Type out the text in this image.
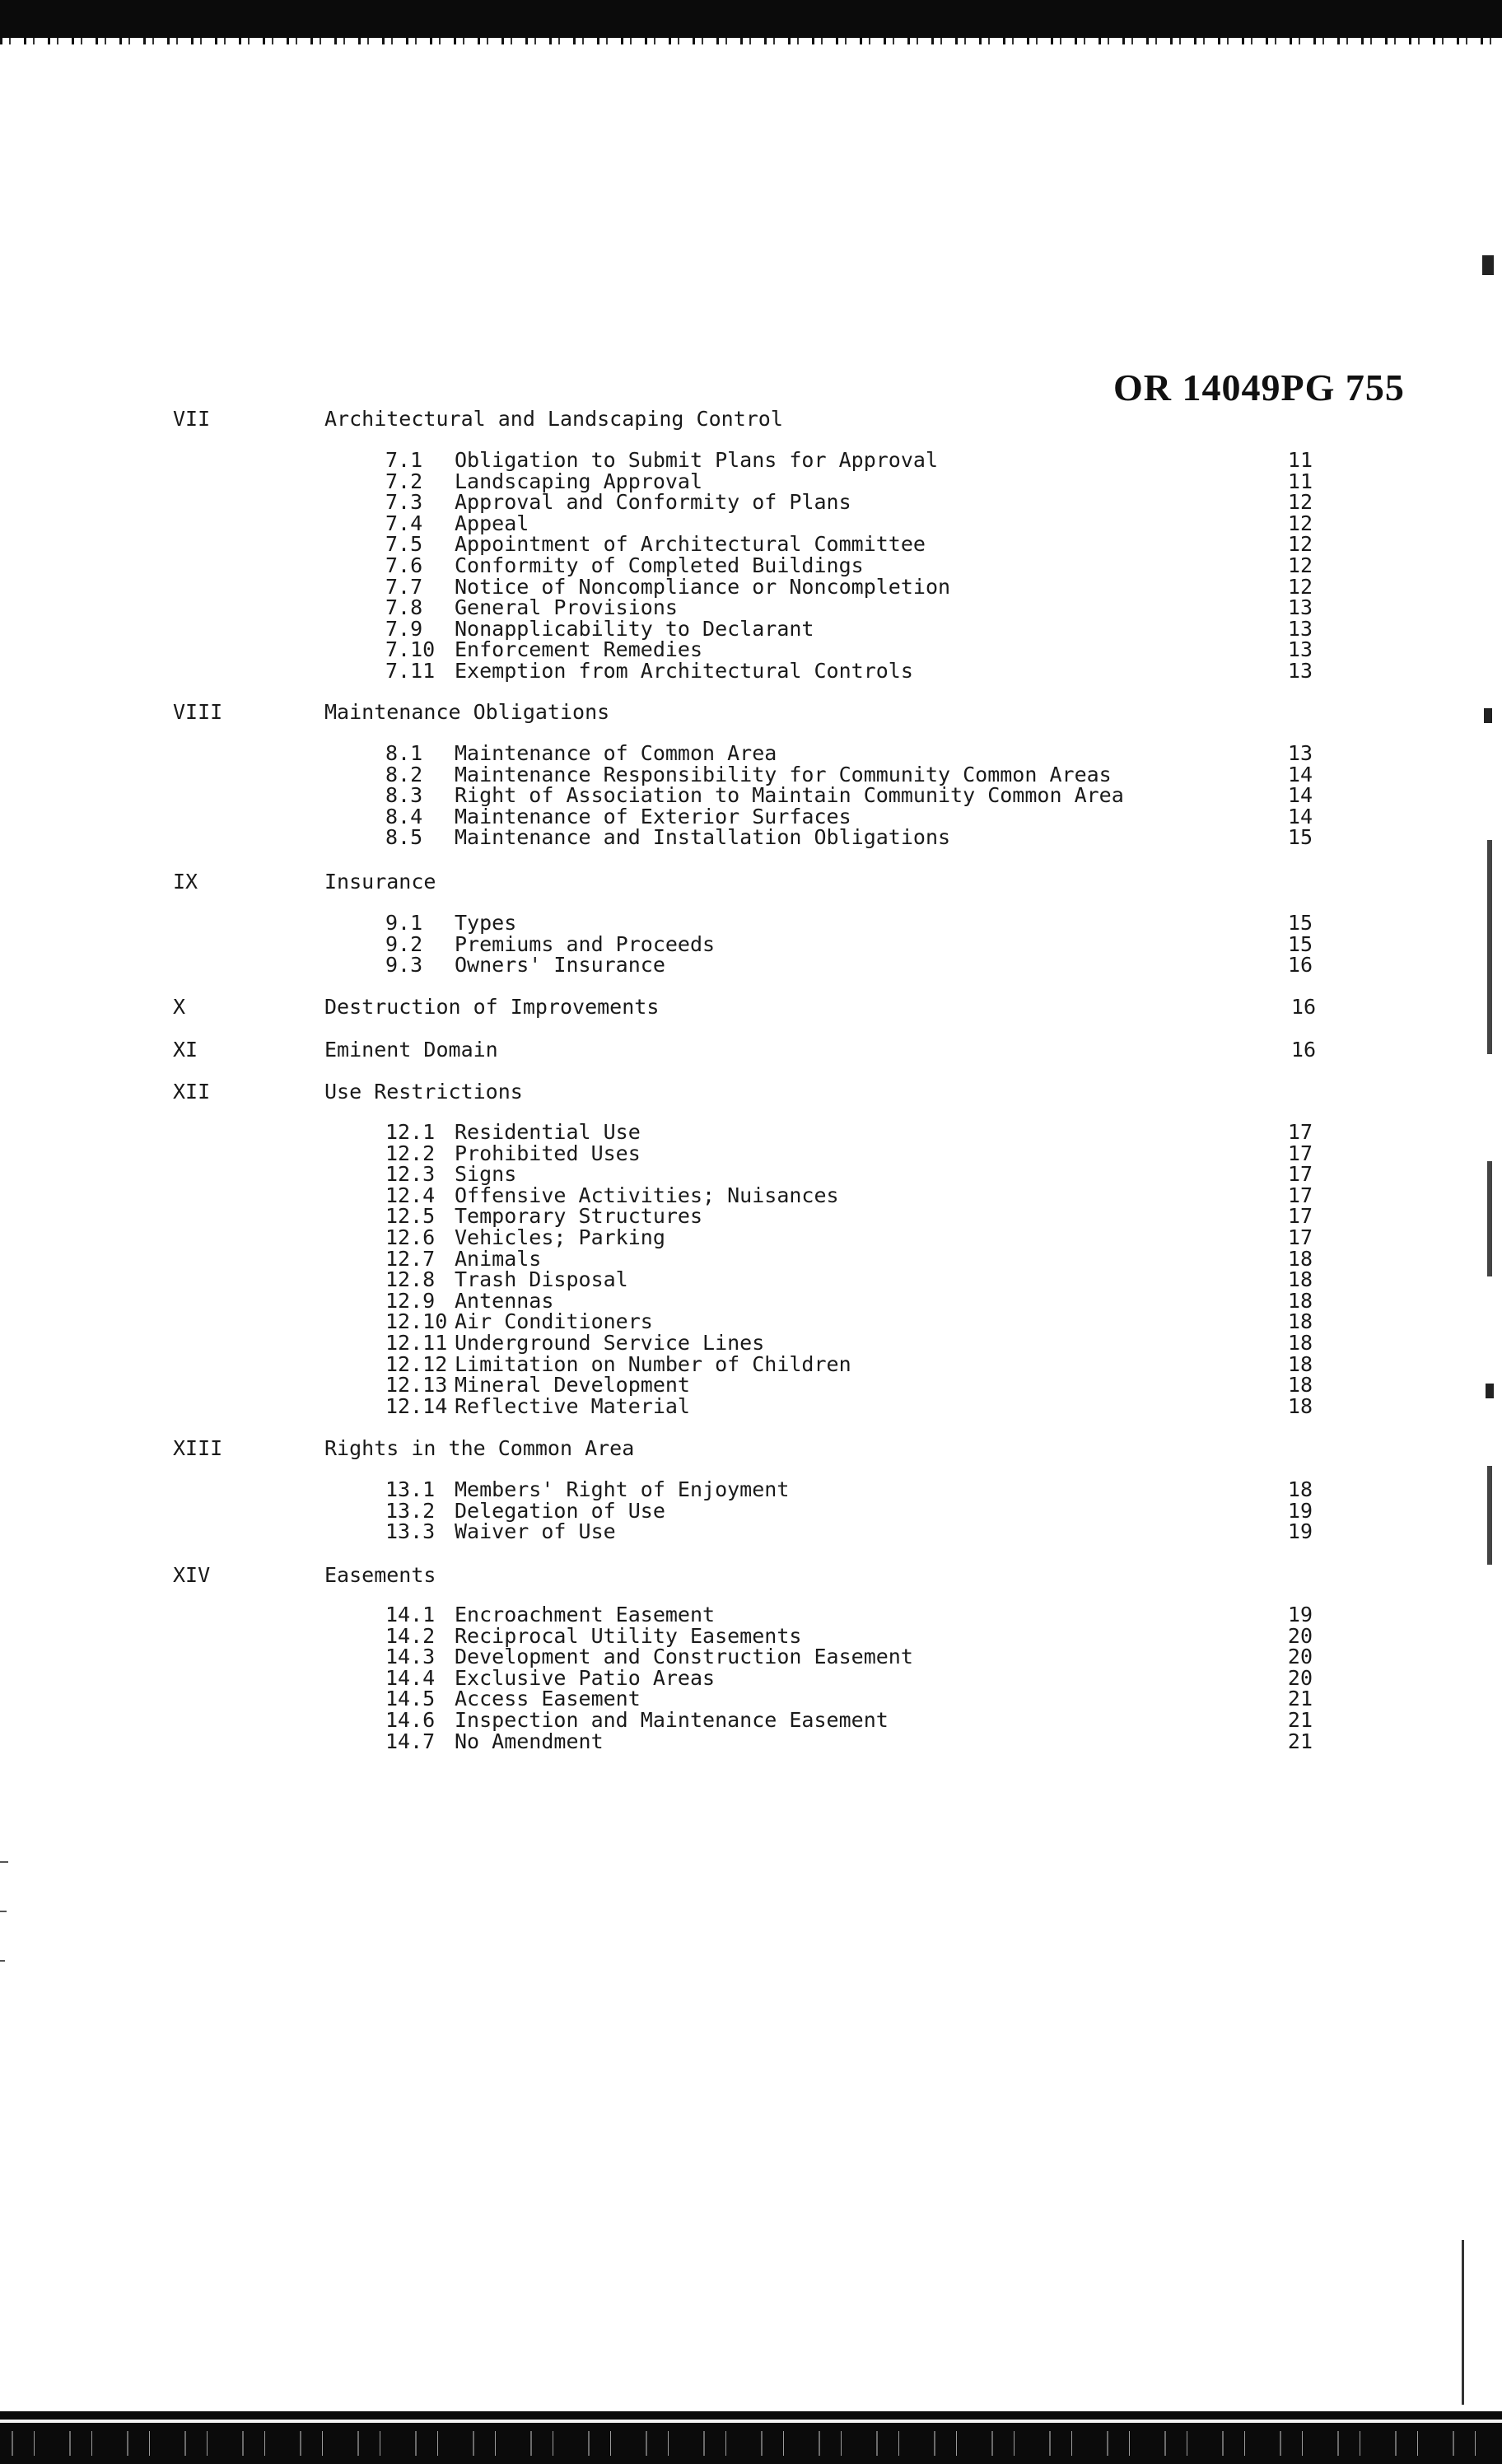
OR 14049PG 755
VII	Architectural and Landscaping Control
7.1 Obligation to Submit Plans for Approval	11
7.2 Landscaping Approval	11
7.3 Approval and Conformity of Plans	12
7.4 Appeal	12
7.5 Appointment of Architectural Committee	12
7.6 Conformity of Completed Buildings	12
7.7 Notice of Noncompliance or Noncompletion	12
7.8 General Provisions	13
7.9 Nonapplicability to Declarant	13
7.10 Enforcement Remedies	13
7.11 Exemption from Architectural Controls	13
VIII	Maintenance Obligations
8.1 Maintenance of Common Area	13
8.2 Maintenance Responsibility for Community Common Areas	14
8.3 Right of Association to Maintain Community Common Area	14
8.4 Maintenance of Exterior Surfaces	14
8.5 Maintenance and Installation Obligations	15
IX	Insurance
9.1 Types	15
9.2 Premiums and Proceeds	15
9.3 Owners' Insurance	16
X	Destruction of Improvements	16
XI	Eminent Domain	16
XII	Use Restrictions
12.1 Residential Use	17
12.2 Prohibited Uses	17
12.3 Signs	17
12.4 Offensive Activities; Nuisances	17
12.5 Temporary Structures	17
12.6 Vehicles; Parking	17
12.7 Animals	18
12.8 Trash Disposal	18
12.9 Antennas	18
12.10 Air Conditioners	18
12.11 Underground Service Lines	18
12.12 Limitation on Number of Children	18
12.13 Mineral Development	18
12.14 Reflective Material	18
XIII	Rights in the Common Area
13.1 Members' Right of Enjoyment	18
13.2 Delegation of Use	19
13.3 Waiver of Use	19
XIV	Easements
14.1 Encroachment Easement	19
14.2 Reciprocal Utility Easements	20
14.3 Development and Construction Easement	20
14.4 Exclusive Patio Areas	20
14.5 Access Easement	21
14.6 Inspection and Maintenance Easement	21
14.7 No Amendment	21
